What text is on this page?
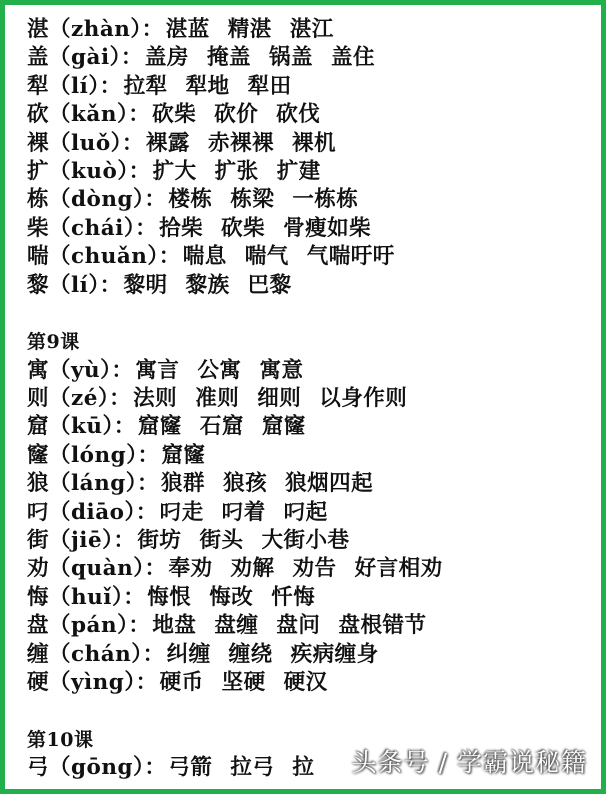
湛（zhàn）：湛蓝 精湛 湛江
盖（gài）：盖房 掩盖 锅盖 盖住
犁（lí）：拉犁 犁地 犁田
砍（kǎn）：砍柴 砍价 砍伐
裸（luǒ）：裸露 赤裸裸 裸机
扩（kuò）：扩大 扩张 扩建
栋（dòng）：楼栋 栋梁 一栋栋
柴（chái）：拾柴 砍柴 骨瘦如柴
喘（chuǎn）：喘息 喘气 气喘吁吁
黎（lí）：黎明 黎族 巴黎
第9课
寓（yù）：寓言 公寓 寓意
则（zé）：法则 准则 细则 以身作则
窟（kū）：窟窿 石窟 窟窿
窿（lóng）：窟窿
狼（láng）：狼群 狼孩 狼烟四起
叼（diāo）：叼走 叼着 叼起
街（jiē）：街坊 街头 大街小巷
劝（quàn）：奉劝 劝解 劝告 好言相劝
悔（huǐ）：悔恨 悔改 忏悔
盘（pán）：地盘 盘缠 盘问 盘根错节
缠（chán）：纠缠 缠绕 疾病缠身
硬（yìng）：硬币 坚硬 硬汉
第10课
弓（gōng）：弓箭 拉弓 拉	头条号 / 学霸说秘籍
